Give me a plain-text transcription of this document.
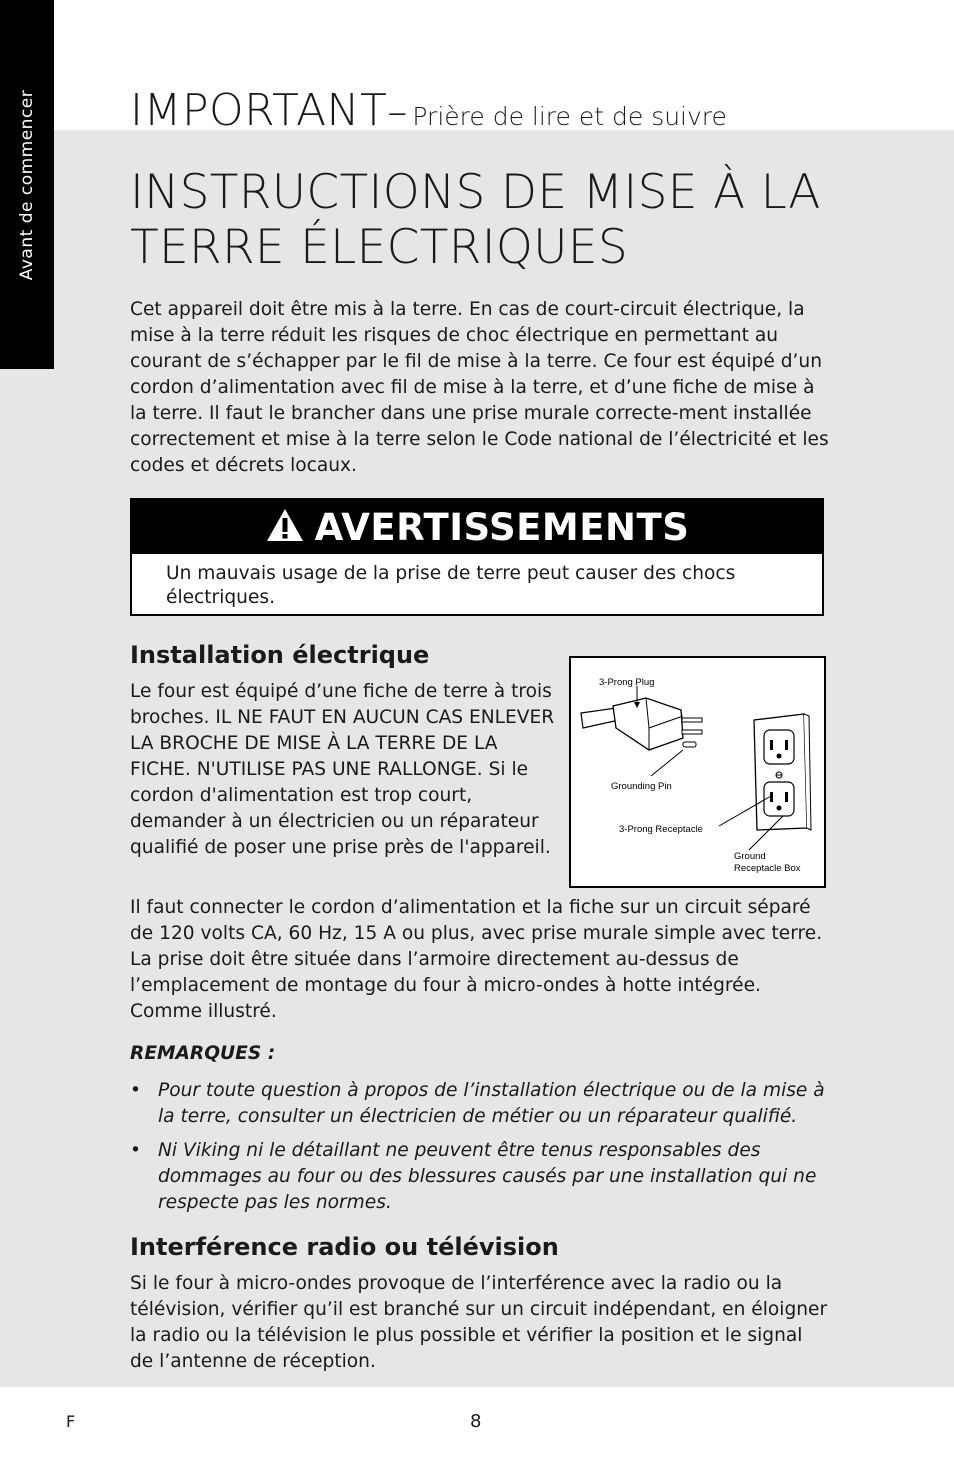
Avant de commencer IMPORTANT– Prière de lire et de suivre
INSTRUCTIONS DE MISE À LA
TERRE ÉLECTRIQUES

Cet appareil doit être mis à la terre. En cas de court-circuit électrique, la mise à la terre réduit les risques de choc électrique en permettant au courant de s’échapper par le fil de mise à la terre. Ce four est équipé d’un cordon d’alimentation avec fil de mise à la terre, et d’une fiche de mise à la terre. Il faut le brancher dans une prise murale correcte-ment installée correctement et mise à la terre selon le Code national de l’électricité et les codes et décrets locaux.

AVERTISSEMENTS
Un mauvais usage de la prise de terre peut causer des chocs électriques.
Installation électrique

Le four est équipé d’une fiche de terre à trois broches. IL NE FAUT EN AUCUN CAS ENLEVER LA BROCHE DE MISE À LA TERRE DE LA FICHE. N'UTILISE PAS UNE RALLONGE. Si le cordon d'alimentation est trop court, demander à un électricien ou un réparateur qualifié de poser une prise près de l'appareil.

3-Prong Plug
Grounding Pin
3-Prong Receptacle
Ground
Receptacle Box

Il faut connecter le cordon d’alimentation et la fiche sur un circuit séparé de 120 volts CA, 60 Hz, 15 A ou plus, avec prise murale simple avec terre. La prise doit être située dans l’armoire directement au-dessus de l’emplacement de montage du four à micro-ondes à hotte intégrée. Comme illustré.

REMARQUES :
• Pour toute question à propos de l’installation électrique ou de la mise à la terre, consulter un électricien de métier ou un réparateur qualifié.
• Ni Viking ni le détaillant ne peuvent être tenus responsables des dommages au four ou des blessures causés par une installation qui ne respecte pas les normes.
Interférence radio ou télévision

Si le four à micro-ondes provoque de l’interférence avec la radio ou la télévision, vérifier qu’il est branché sur un circuit indépendant, en éloigner la radio ou la télévision le plus possible et vérifier la position et le signal de l’antenne de réception.

F	8
